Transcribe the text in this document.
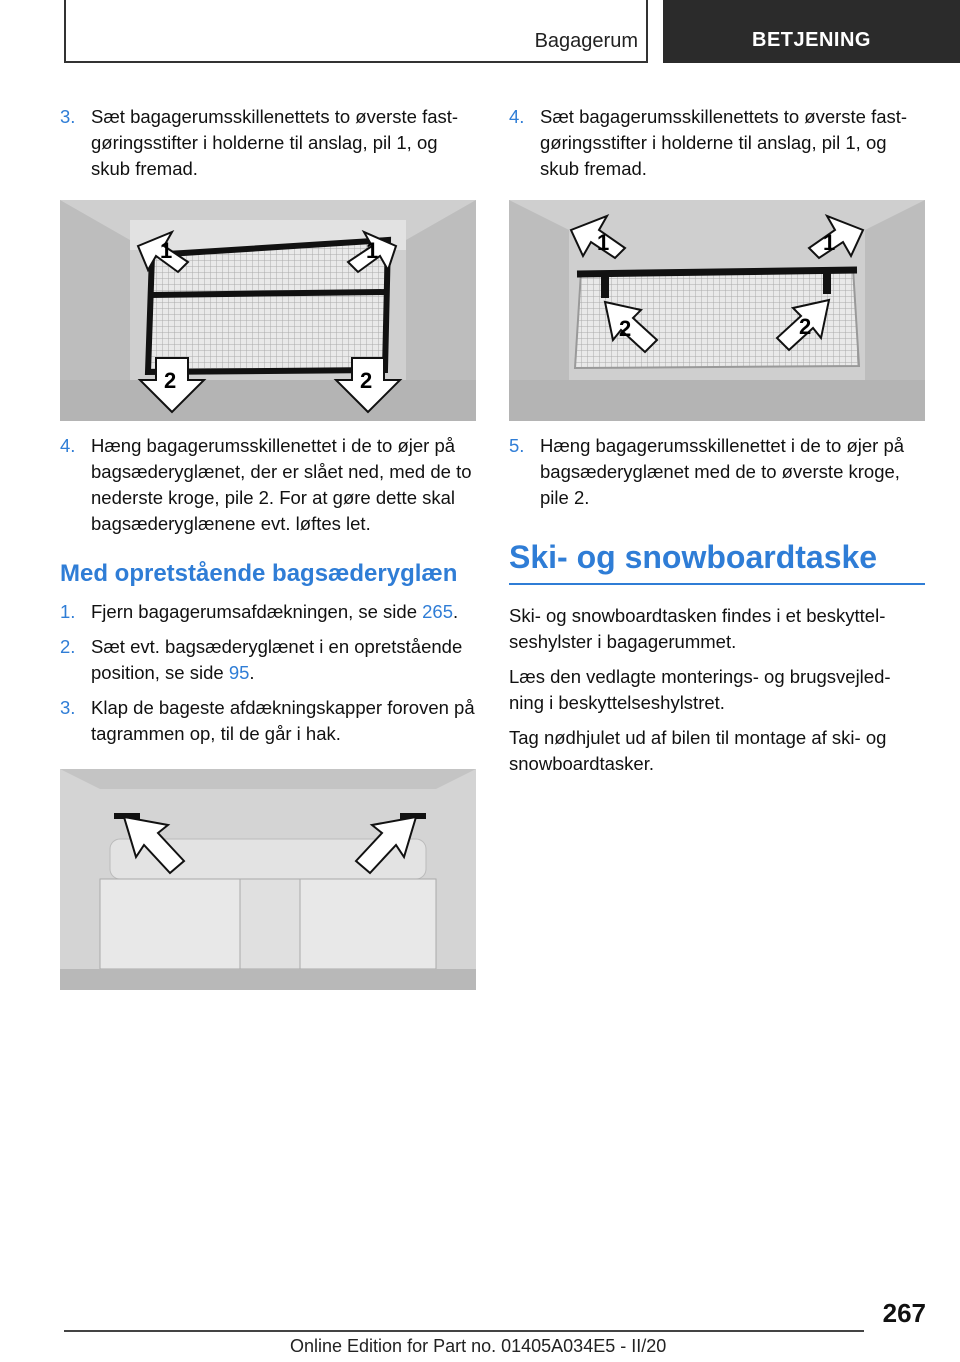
Bagagerum	BETJENING
3. Sæt bagagerumsskillenettets to øverste fast‐ gøringsstifter i holderne til anslag, pil 1, og skub fremad.
1	1
2	2
4. Hæng bagagerumsskillenettet i de to øjer på bagsæderyglænet, der er slået ned, med de to nederste kroge, pile 2. For at gøre dette skal bagsæderyglænene evt. løftes let.
Med opretstående bagsæderyglæn
1. Fjern bagagerumsafdækningen, se side 265.
2. Sæt evt. bagsæderyglænet i en opretstående position, se side 95.
3. Klap de bageste afdækningskapper foroven på tagrammen op, til de går i hak.
4. Sæt bagagerumsskillenettets to øverste fast‐ gøringsstifter i holderne til anslag, pil 1, og skub fremad.
1	1
2	2
5. Hæng bagagerumsskillenettet i de to øjer på bagsæderyglænet med de to øverste kroge, pile 2.
Ski- og snowboardtaske
Ski- og snowboardtasken findes i et beskyttel‐ seshylster i bagagerummet.
Læs den vedlagte monterings- og brugsvejled‐ ning i beskyttelseshylstret.
Tag nødhjulet ud af bilen til montage af ski- og snowboardtasker.
267
Online Edition for Part no. 01405A034E5 - II/20
